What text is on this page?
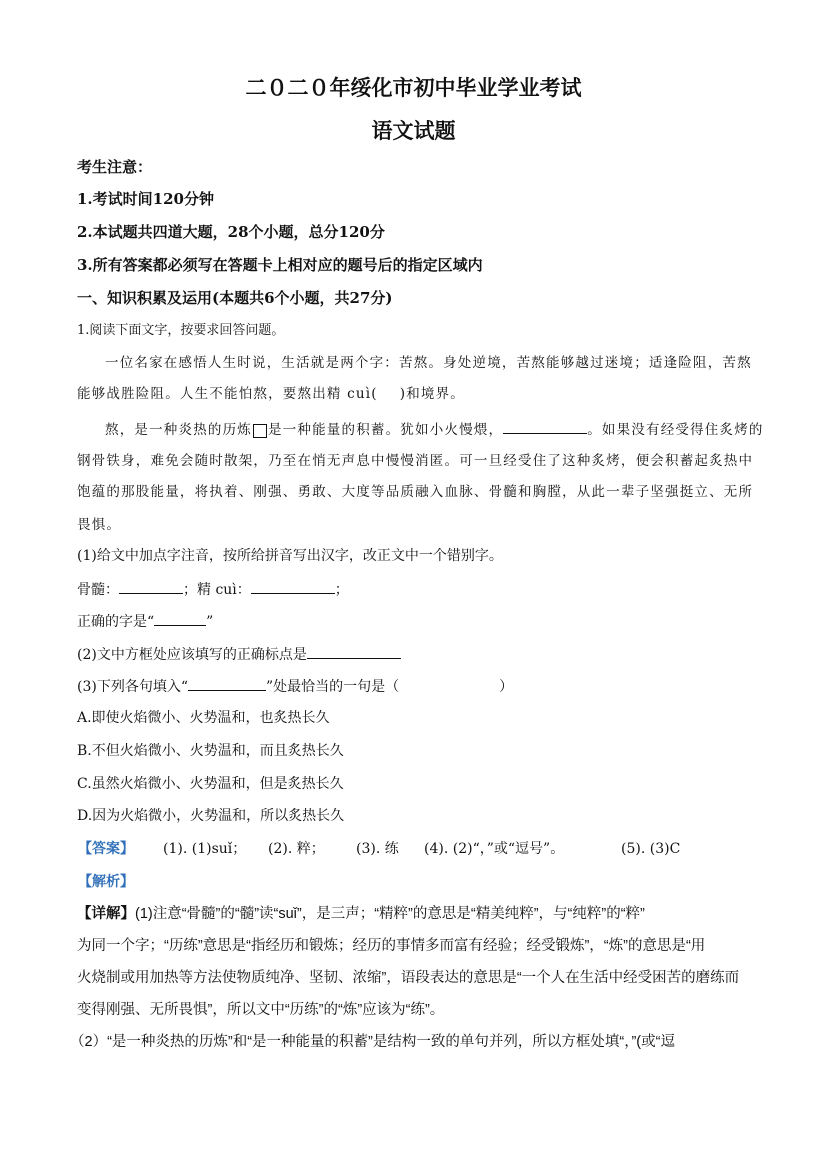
二０二０年绥化市初中毕业学业考试
语文试题
考生注意：
1.考试时间120分钟
2.本试题共四道大题，28个小题，总分120分
3.所有答案都必须写在答题卡上相对应的题号后的指定区域内
一、知识积累及运用(本题共6个小题，共27分)
1.阅读下面文字，按要求回答问题。
一位名家在感悟人生时说，生活就是两个字：苦熬。身处逆境，苦熬能够越过迷境；适逢险阻，苦熬
能够战胜险阻。人生不能怕熬，要熬出精 cuì( )和境界。
熬，是一种炎热的历炼 是一种能量的积蓄。犹如小火慢煨，	。如果没有经受得住炙烤的
钢骨铁身，难免会随时散架，乃至在悄无声息中慢慢消匿。可一旦经受住了这种炙烤，便会积蓄起炙热中
饱蕴的那股能量，将执着、刚强、勇敢、大度等品质融入血脉、骨髓和胸膛，从此一辈子坚强挺立、无所
畏惧。
(1)给文中加点字注音，按所给拼音写出汉字，改正文中一个错别字。
骨髓：	；精 cuì：	；
正确的字是“	”
(2)文中方框处应该填写的正确标点是
(3)下列各句填入“	”处最恰当的一句是（	）
A.即使火焰微小、火势温和，也炙热长久
B.不但火焰微小、火势温和，而且炙热长久
C.虽然火焰微小、火势温和，但是炙热长久
D.因为火焰微小，火势温和，所以炙热长久
【答案】 (1). (1)suǐ； (2). 粹； (3). 练 (4). (2)“，”或“逗号”。	(5). (3)C
【解析】
【详解】(1)注意“骨髓”的“髓”读“suǐ”，是三声；“精粹”的意思是“精美纯粹”，与“纯粹”的“粹”
为同一个字；“历练”意思是“指经历和锻炼；经历的事情多而富有经验；经受锻炼”，“炼”的意思是“用
火烧制或用加热等方法使物质纯净、坚韧、浓缩”，语段表达的意思是“一个人在生活中经受困苦的磨练而
变得刚强、无所畏惧”，所以文中“历练”的“炼”应该为“练”。
（2）“是一种炎热的历炼”和“是一种能量的积蓄”是结构一致的单句并列，所以方框处填“，”(或“逗
